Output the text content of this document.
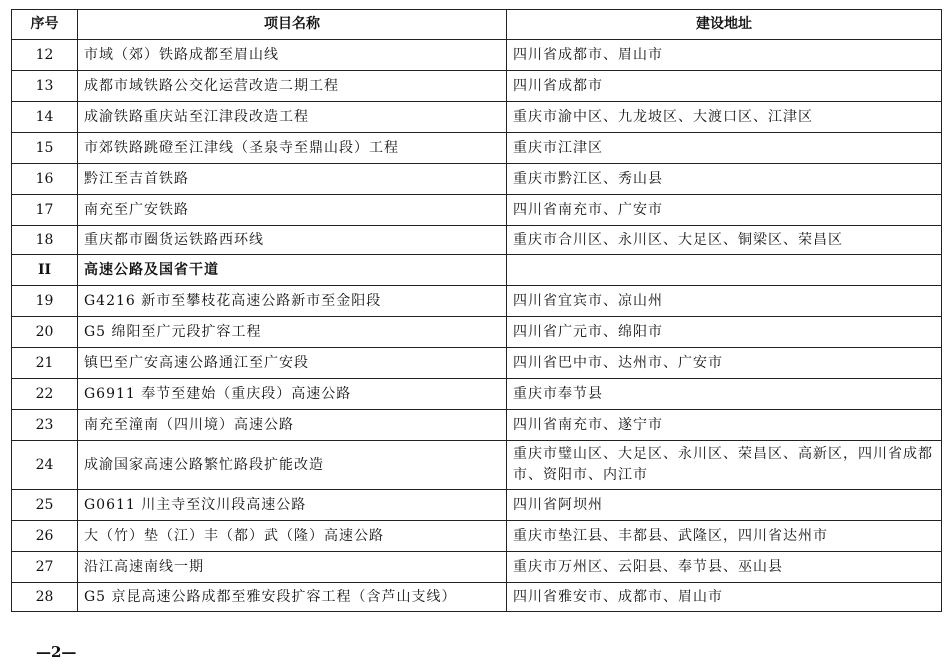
序号	项目名称	建设地址
12	市域（郊）铁路成都至眉山线	四川省成都市、眉山市
13	成都市域铁路公交化运营改造二期工程	四川省成都市
14	成渝铁路重庆站至江津段改造工程	重庆市渝中区、九龙坡区、大渡口区、江津区
15	市郊铁路跳磴至江津线（圣泉寺至鼎山段）工程	重庆市江津区
16	黔江至吉首铁路	重庆市黔江区、秀山县
17	南充至广安铁路	四川省南充市、广安市
18	重庆都市圈货运铁路西环线	重庆市合川区、永川区、大足区、铜梁区、荣昌区
II	高速公路及国省干道	
19	G4216 新市至攀枝花高速公路新市至金阳段	四川省宜宾市、凉山州
20	G5 绵阳至广元段扩容工程	四川省广元市、绵阳市
21	镇巴至广安高速公路通江至广安段	四川省巴中市、达州市、广安市
22	G6911 奉节至建始（重庆段）高速公路	重庆市奉节县
23	南充至潼南（四川境）高速公路	四川省南充市、遂宁市
24	成渝国家高速公路繁忙路段扩能改造	重庆市璧山区、大足区、永川区、荣昌区、高新区，四川省成都市、资阳市、内江市
25	G0611 川主寺至汶川段高速公路	四川省阿坝州
26	大（竹）垫（江）丰（都）武（隆）高速公路	重庆市垫江县、丰都县、武隆区，四川省达州市
27	沿江高速南线一期	重庆市万州区、云阳县、奉节县、巫山县
28	G5 京昆高速公路成都至雅安段扩容工程（含芦山支线）	四川省雅安市、成都市、眉山市
—2—
